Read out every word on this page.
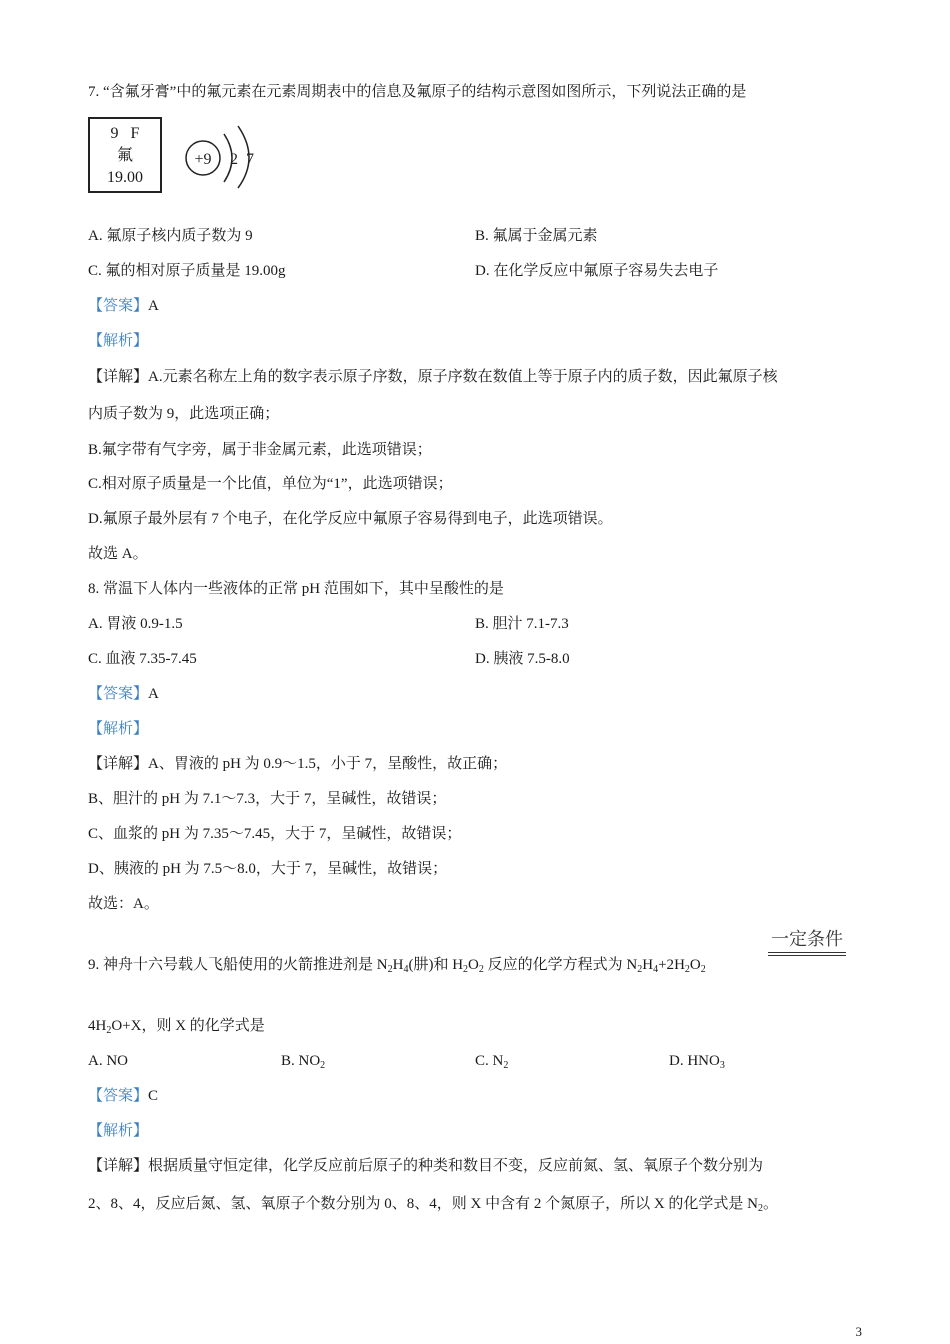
7. “含氟牙膏”中的氟元素在元素周期表中的信息及氟原子的结构示意图如图所示，下列说法正确的是
9   F
氟
19.00
+9 2 7
A. 氟原子核内质子数为 9	B. 氟属于金属元素
C. 氟的相对原子质量是 19.00g	D. 在化学反应中氟原子容易失去电子
【答案】A
【解析】
【详解】A.元素名称左上角的数字表示原子序数，原子序数在数值上等于原子内的质子数，因此氟原子核
内质子数为 9，此选项正确；
B.氟字带有气字旁，属于非金属元素，此选项错误；
C.相对原子质量是一个比值，单位为“1”，此选项错误；
D.氟原子最外层有 7 个电子，在化学反应中氟原子容易得到电子，此选项错误。
故选 A。
8. 常温下人体内一些液体的正常 pH 范围如下，其中呈酸性的是
A. 胃液 0.9-1.5	B. 胆汁 7.1-7.3
C. 血液 7.35-7.45	D. 胰液 7.5-8.0
【答案】A
【解析】
【详解】A、胃液的 pH 为 0.9～1.5，小于 7，呈酸性，故正确；
B、胆汁的 pH 为 7.1～7.3，大于 7，呈碱性，故错误；
C、血浆的 pH 为 7.35～7.45，大于 7，呈碱性，故错误；
D、胰液的 pH 为 7.5～8.0，大于 7，呈碱性，故错误；
故选：A。
9. 神舟十六号载人飞船使用的火箭推进剂是 $N_2H_4$(肼)和 $H_2O_2$ 反应的化学方程式为 $N_2H_4+2H_2O_2$
一定条件
$4H_2O+X$，则 X 的化学式是
A. NO	B. $NO_2$	C. $N_2$	D. $HNO_3$
【答案】C
【解析】
【详解】根据质量守恒定律，化学反应前后原子的种类和数目不变，反应前氮、氢、氧原子个数分别为
2、8、4，反应后氮、氢、氧原子个数分别为 0、8、4，则 X 中含有 2 个氮原子，所以 X 的化学式是 $N_2$。
3
